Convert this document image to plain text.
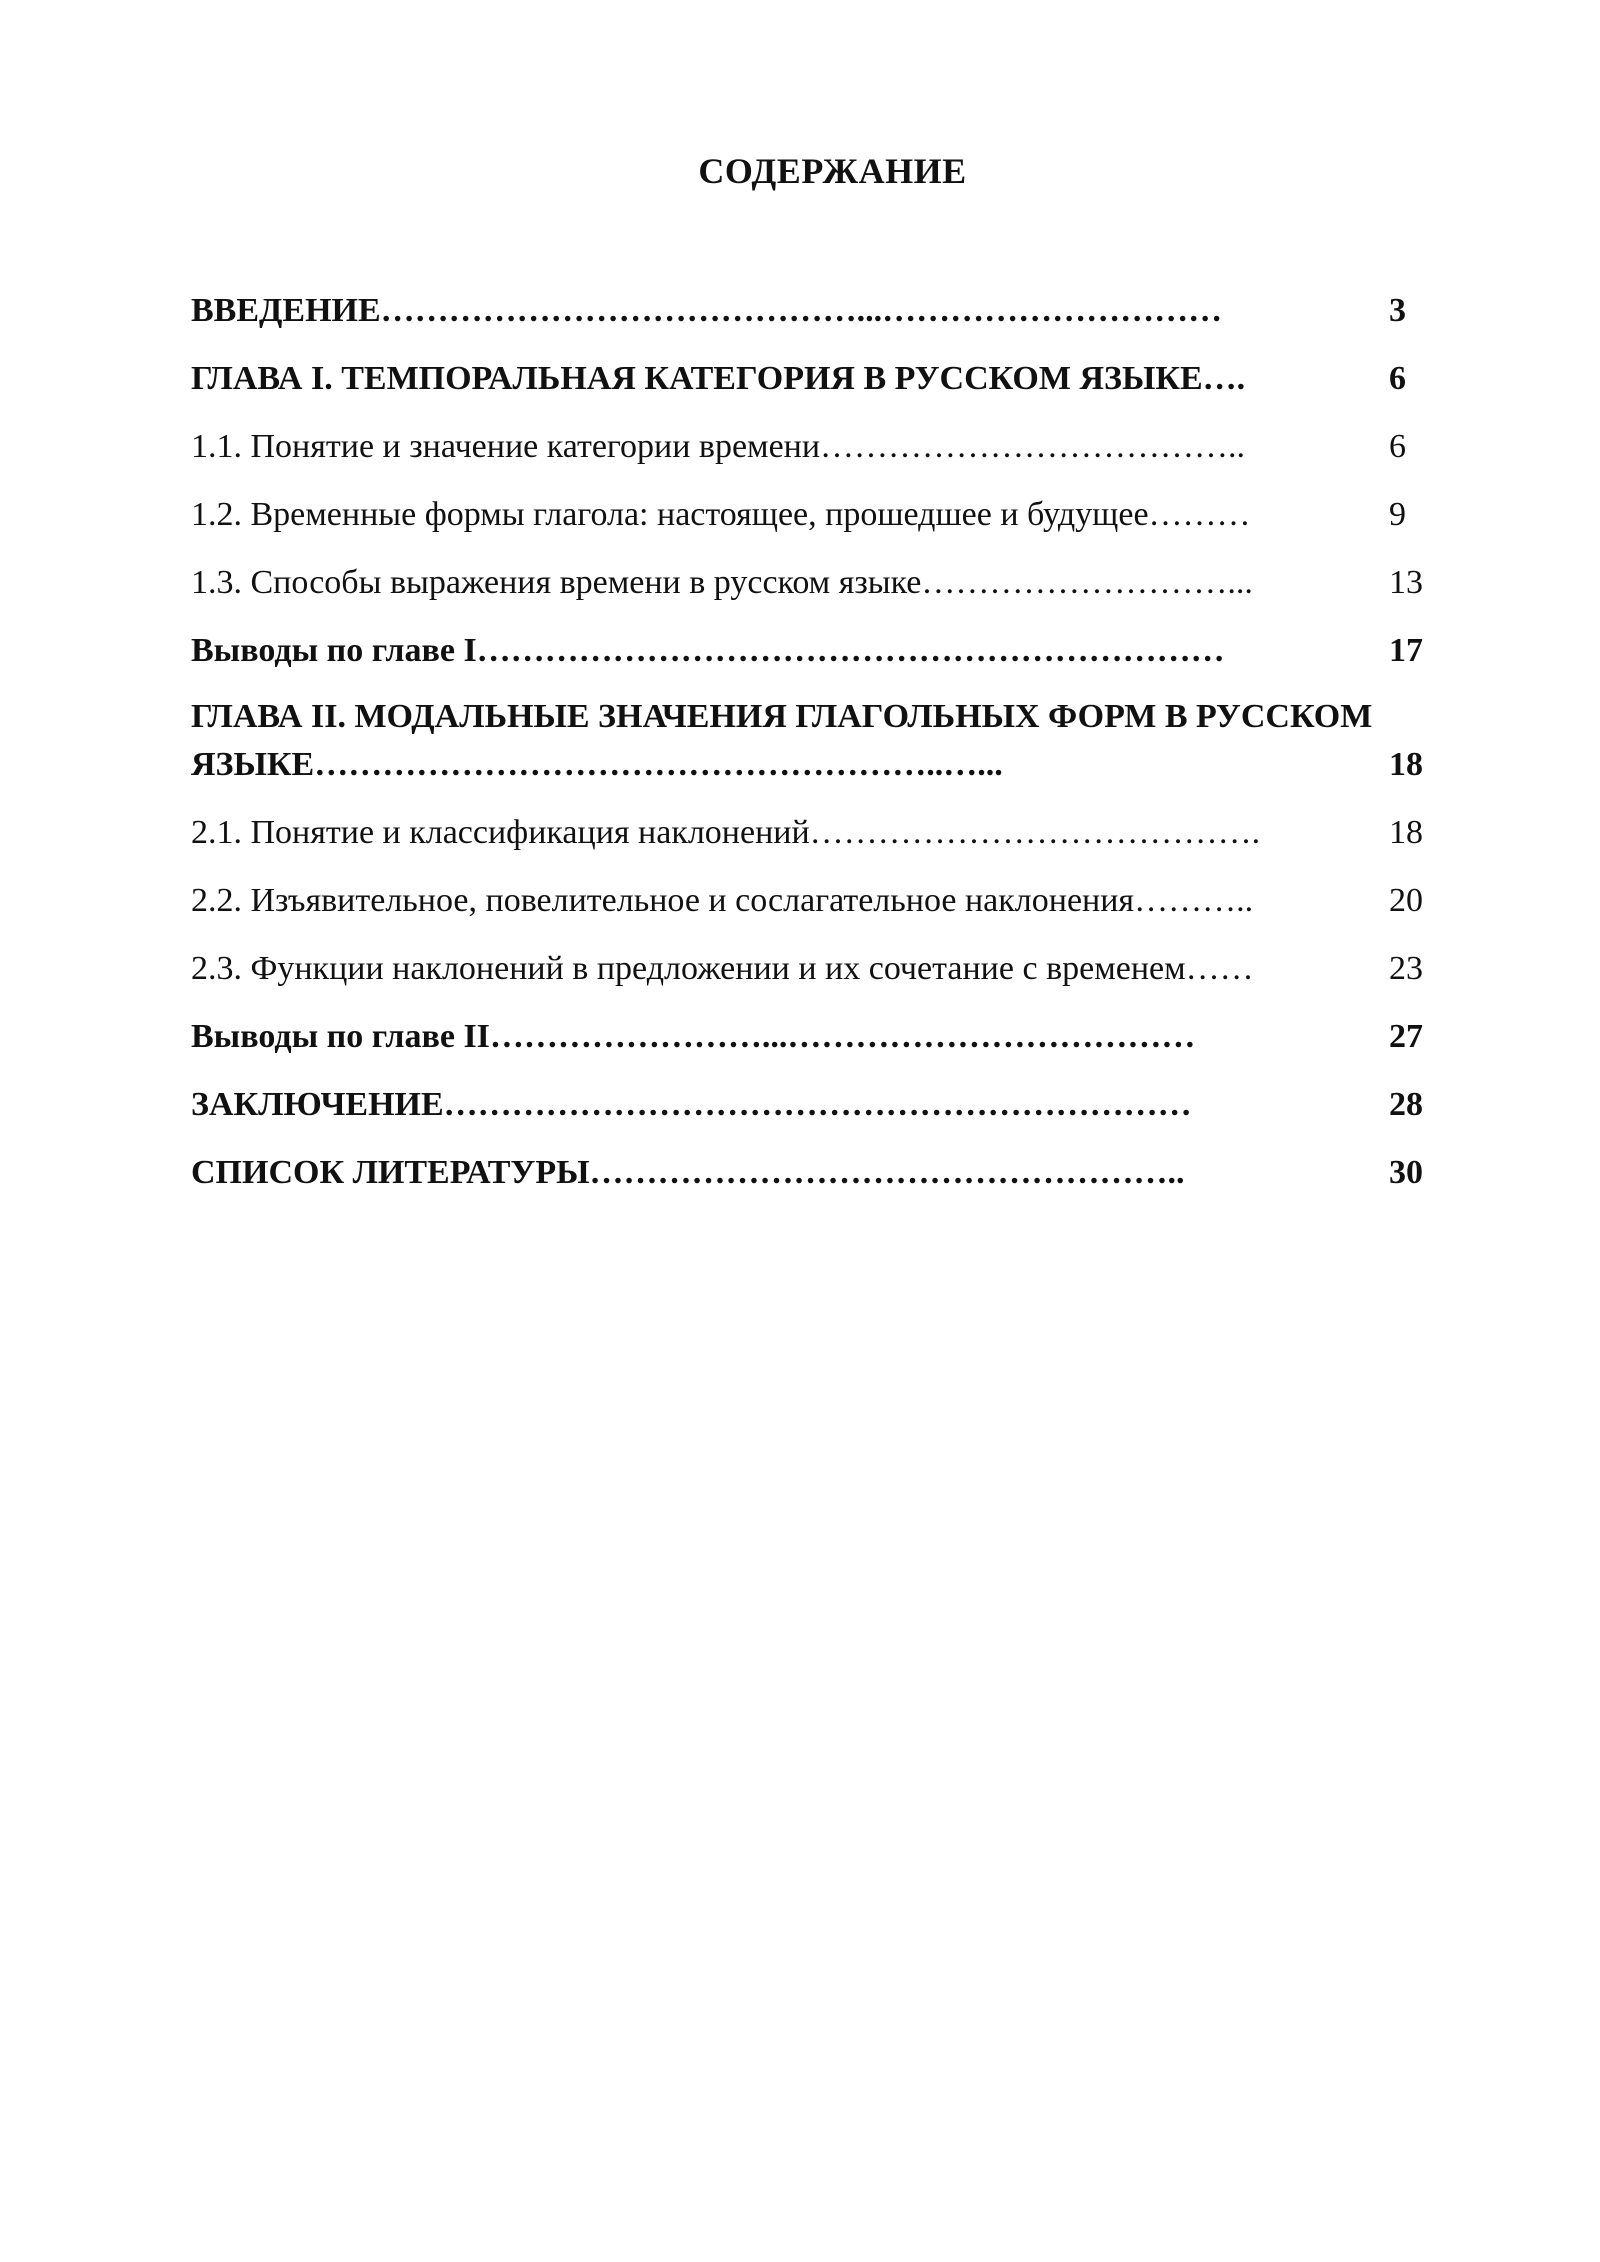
СОДЕРЖАНИЕ
ВВЕДЕНИЕ……………………………………...…………………………	3
ГЛАВА I. ТЕМПОРАЛЬНАЯ КАТЕГОРИЯ В РУССКОМ ЯЗЫКЕ….	6
1.1. Понятие и значение категории времени………………………………..	6
1.2. Временные формы глагола: настоящее, прошедшее и будущее………	9
1.3. Способы выражения времени в русском языке………………………...	13
Выводы по главе I…………………………………………………………	17
ГЛАВА II. МОДАЛЬНЫЕ ЗНАЧЕНИЯ ГЛАГОЛЬНЫХ ФОРМ В РУССКОМ ЯЗЫКЕ………………………………………………..…...	18
2.1. Понятие и классификация наклонений………………………………….	18
2.2. Изъявительное, повелительное и сослагательное наклонения………..	20
2.3. Функции наклонений в предложении и их сочетание с временем……	23
Выводы по главе II……………………...………………………………	27
ЗАКЛЮЧЕНИЕ…………………………………………………………	28
СПИСОК ЛИТЕРАТУРЫ……………………………………………..	30
